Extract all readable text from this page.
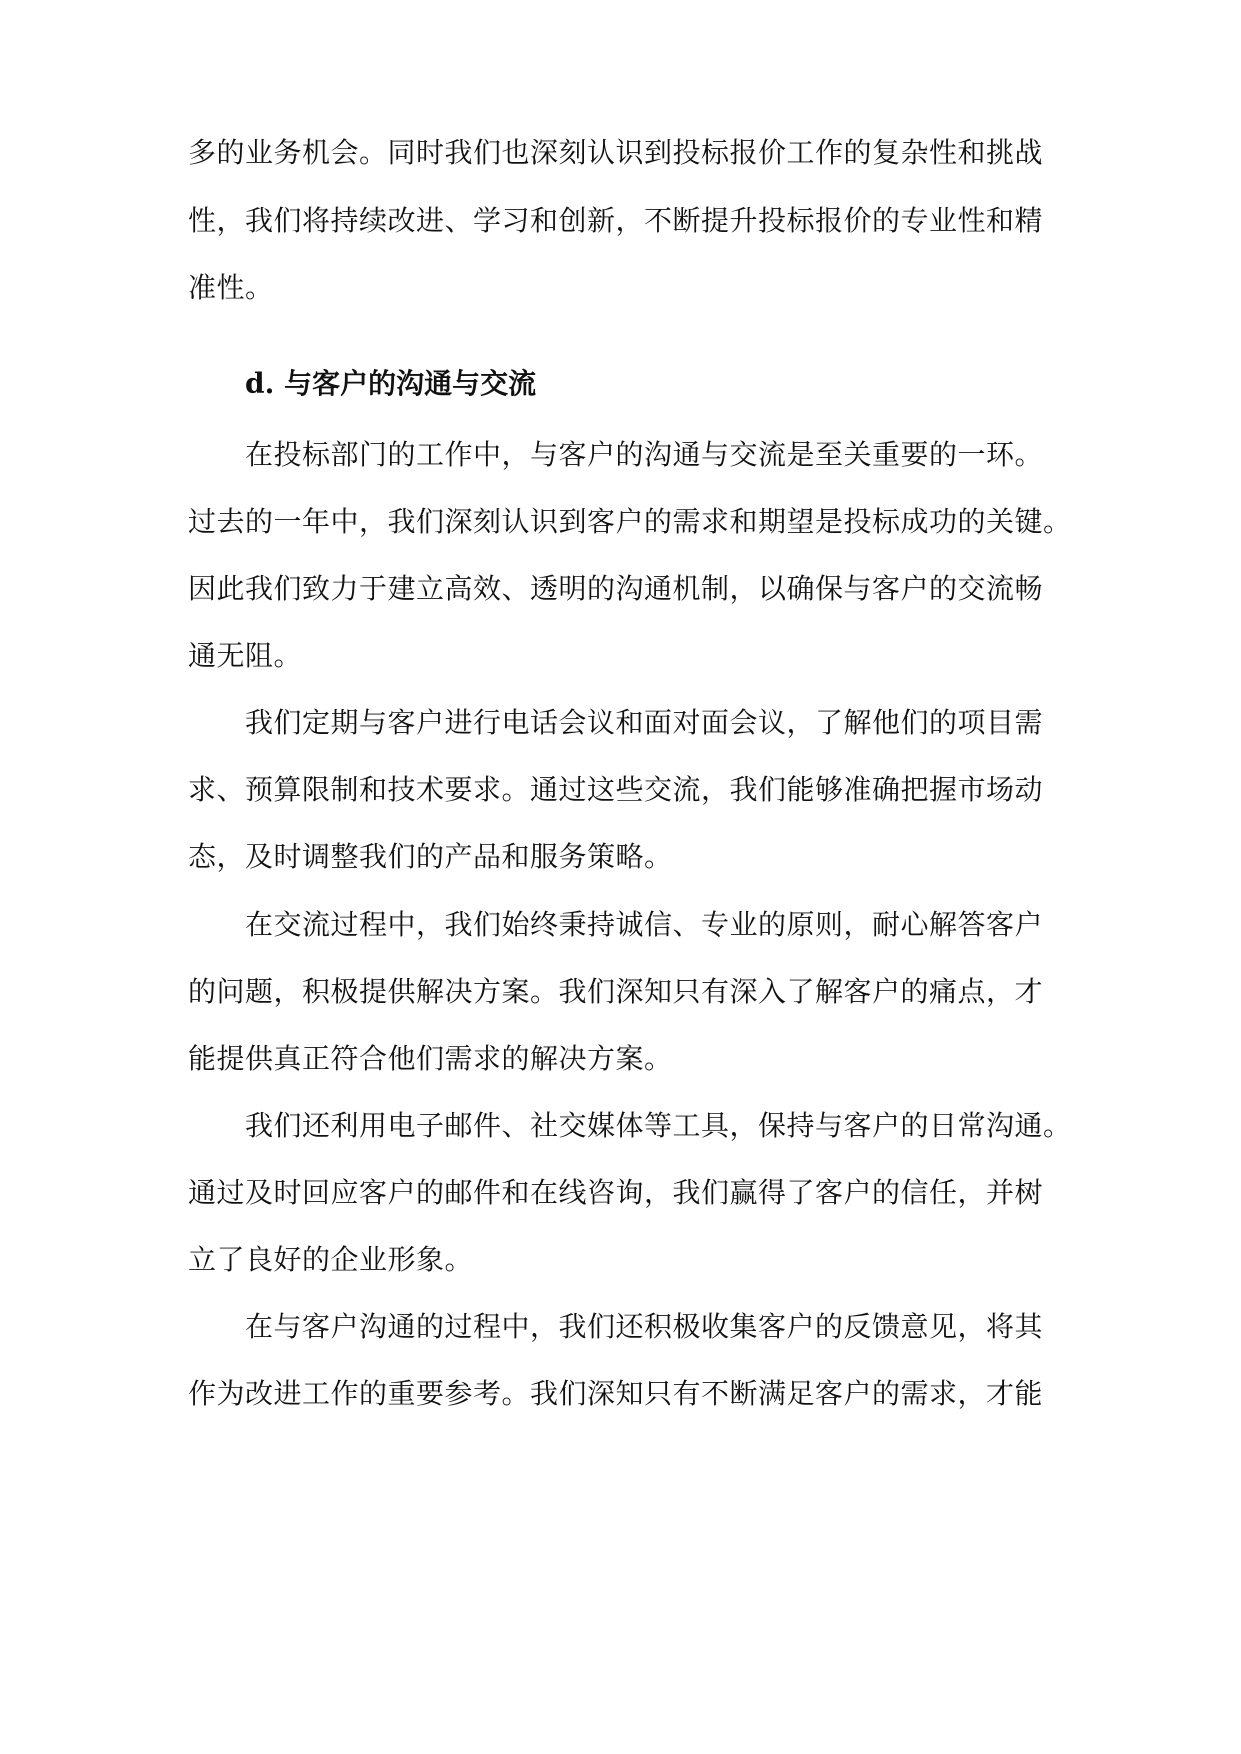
多的业务机会。同时我们也深刻认识到投标报价工作的复杂性和挑战
性，我们将持续改进、学习和创新，不断提升投标报价的专业性和精
准性。
d. 与客户的沟通与交流
在投标部门的工作中，与客户的沟通与交流是至关重要的一环。
过去的一年中，我们深刻认识到客户的需求和期望是投标成功的关键。
因此我们致力于建立高效、透明的沟通机制，以确保与客户的交流畅
通无阻。
我们定期与客户进行电话会议和面对面会议，了解他们的项目需
求、预算限制和技术要求。通过这些交流，我们能够准确把握市场动
态，及时调整我们的产品和服务策略。
在交流过程中，我们始终秉持诚信、专业的原则，耐心解答客户
的问题，积极提供解决方案。我们深知只有深入了解客户的痛点，才
能提供真正符合他们需求的解决方案。
我们还利用电子邮件、社交媒体等工具，保持与客户的日常沟通。
通过及时回应客户的邮件和在线咨询，我们赢得了客户的信任，并树
立了良好的企业形象。
在与客户沟通的过程中，我们还积极收集客户的反馈意见，将其
作为改进工作的重要参考。我们深知只有不断满足客户的需求，才能
